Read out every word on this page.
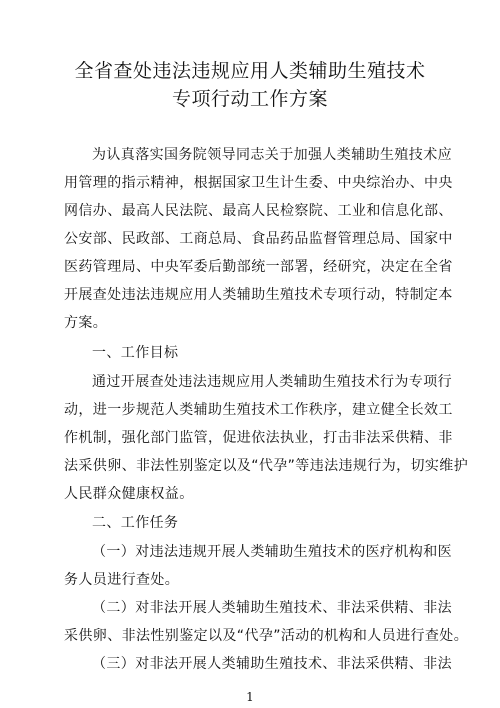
全省查处违法违规应用人类辅助生殖技术
专项行动工作方案
为认真落实国务院领导同志关于加强人类辅助生殖技术应
用管理的指示精神，根据国家卫生计生委、中央综治办、中央
网信办、最高人民法院、最高人民检察院、工业和信息化部、
公安部、民政部、工商总局、食品药品监督管理总局、国家中
医药管理局、中央军委后勤部统一部署，经研究，决定在全省
开展查处违法违规应用人类辅助生殖技术专项行动，特制定本
方案。
一、工作目标
通过开展查处违法违规应用人类辅助生殖技术行为专项行
动，进一步规范人类辅助生殖技术工作秩序，建立健全长效工
作机制，强化部门监管，促进依法执业，打击非法采供精、非
法采供卵、非法性别鉴定以及“代孕”等违法违规行为，切实维护
人民群众健康权益。
二、工作任务
（一）对违法违规开展人类辅助生殖技术的医疗机构和医
务人员进行查处。
（二）对非法开展人类辅助生殖技术、非法采供精、非法
采供卵、非法性别鉴定以及“代孕”活动的机构和人员进行查处。
（三）对非法开展人类辅助生殖技术、非法采供精、非法
1
